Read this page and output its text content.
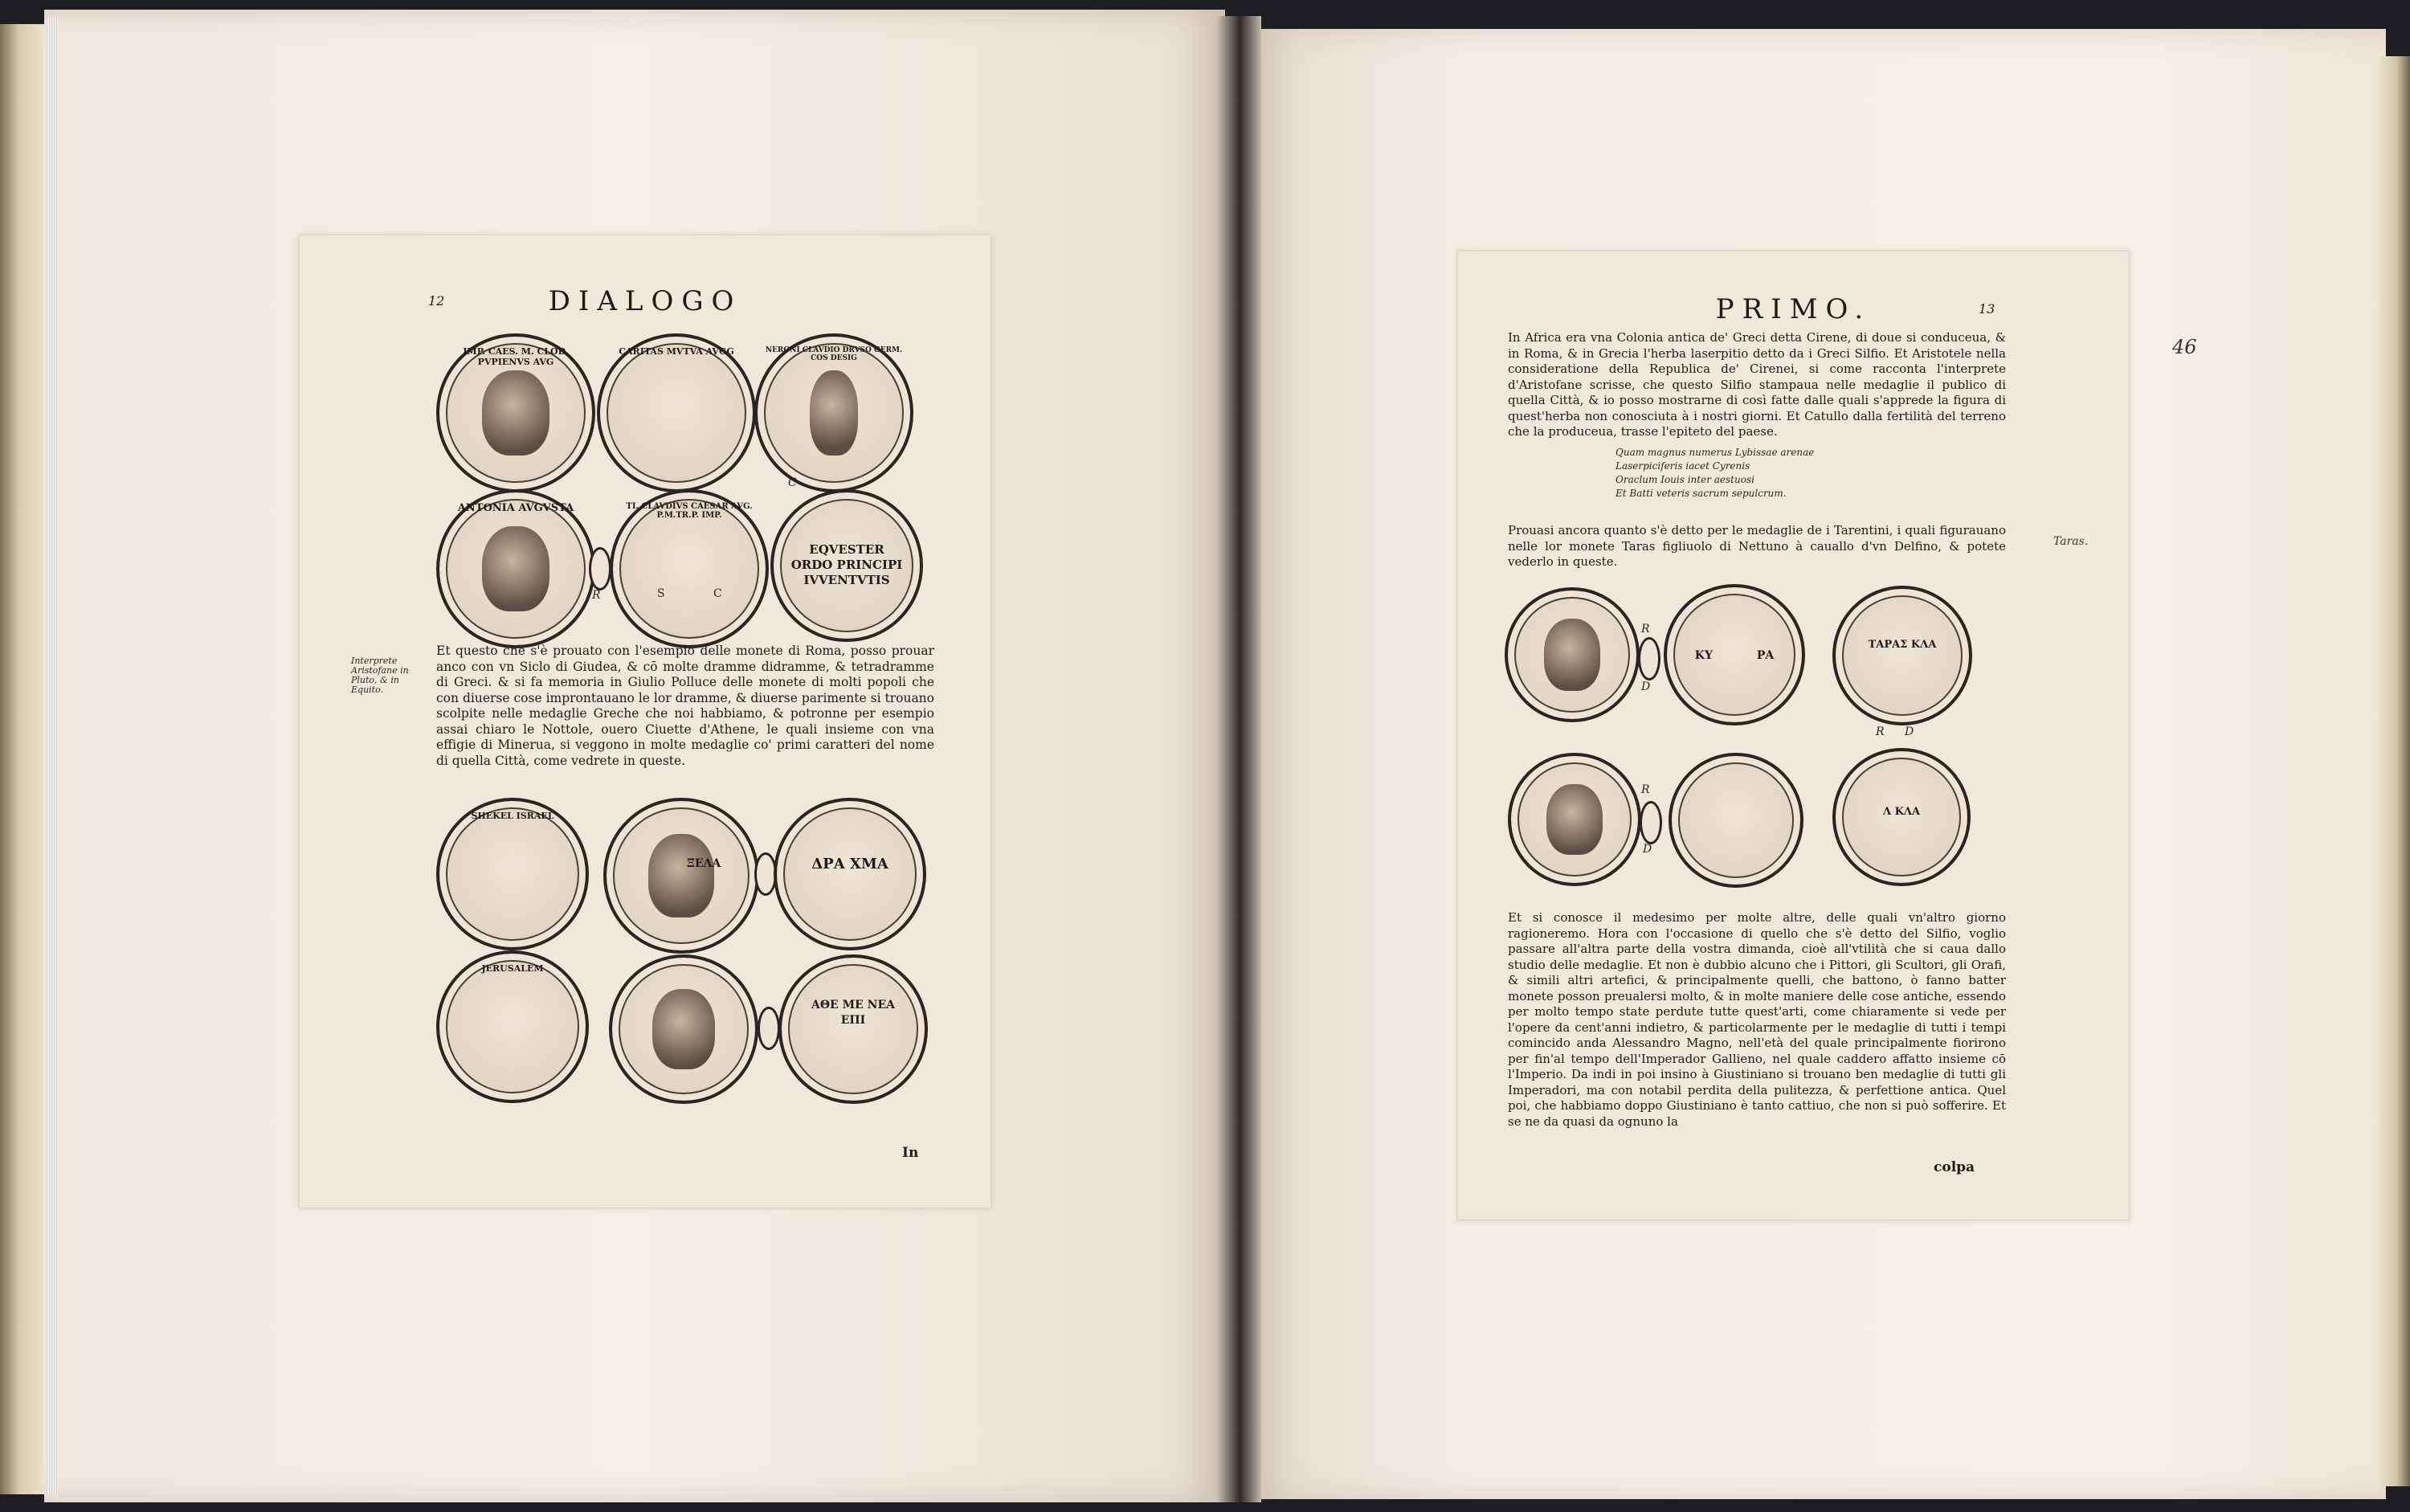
12	DIALOGO
IMP. CAES. M. CLOD. PVPIENVS AVG
CARITAS MVTVA AVGG	NERONI CLAVDIO DRVSO GERM. COS DESIG
C
ANTONIA AVGVSTA
R
TI. CLAVDIVS CAESAR AVG. P.M.TR.P. IMP.
S	C
EQVESTER ORDO PRINCIPI IVVENTVTIS
Interprete Aristofane in Pluto, & in Equito.

Et questo che s'è prouato con l'esempio delle monete di Roma, posso prouar anco con vn Siclo di Giudea, & cō molte dramme didramme, & tetradramme di Greci. & si fa memoria in Giulio Polluce delle monete di molti popoli che con diuerse cose improntauano le lor dramme, & diuerse parimente si trouano scolpite nelle medaglie Greche che noi habbiamo, & potronne per esempio assai chiaro le Nottole, ouero Ciuette d'Athene, le quali insieme con vna effigie di Minerua, si veggono in molte medaglie co' primi caratteri del nome di quella Città, come vedrete in queste.

SHEKEL ISRAEL
ΞΕΛΑ	ΔΡΑ ΧΜΑ
JERUSALEM
ΑΘΕ ΜΕ ΝΕΑ ΕΠΙ
In
PRIMO.	13

In Africa era vna Colonia antica de' Greci detta Cirene, di doue si conduceua, & in Roma, & in Grecia l'herba laserpitio detto da i Greci Silfio. Et Aristotele nella consideratione della Republica de' Cirenei, si come racconta l'interprete d'Aristofane scrisse, che questo Silfio stampaua nelle medaglie il publico di quella Città, & io posso mostrarne di così fatte dalle quali s'apprede la figura di quest'herba non conosciuta à i nostri giorni. Et Catullo dalla fertilità del terreno che la produceua, trasse l'epiteto del paese.

Quam magnus numerus Lybissae arenae
Laserpiciferis iacet Cyrenis
Oraclum Iouis inter aestuosi
Et Batti veteris sacrum sepulcrum.

Prouasi ancora quanto s'è detto per le medaglie de i Tarentini, i quali figurauano nelle lor monete Taras figliuolo di Nettuno à cauallo d'vn Delfino, & potete vederlo in queste.

R
D
ΚΥ ΡΑ
ΤΑΡΑΣ ΚΛΑ
R D
R
D
Λ ΚΛΑ

Et si conosce il medesimo per molte altre, delle quali vn'altro giorno ragioneremo. Hora con l'occasione di quello che s'è detto del Silfio, voglio passare all'altra parte della vostra dimanda, cioè all'vtilità che si caua dallo studio delle medaglie. Et non è dubbio alcuno che i Pittori, gli Scultori, gli Orafi, & simili altri artefici, & principalmente quelli, che battono, ò fanno batter monete posson preualersi molto, & in molte maniere delle cose antiche, essendo per molto tempo state perdute tutte quest'arti, come chiaramente si vede per l'opere da cent'anni indietro, & particolarmente per le medaglie di tutti i tempi comincido anda Alessandro Magno, nell'età del quale principalmente fiorirono per fin'al tempo dell'Imperador Gallieno, nel quale caddero affatto insieme cō l'Imperio. Da indi in poi insino à Giustiniano si trouano ben medaglie di tutti gli Imperadori, ma con notabil perdita della pulitezza, & perfettione antica. Quel poi, che habbiamo doppo Giustiniano è tanto cattiuo, che non si può sofferire. Et se ne da quasi da ognuno la

colpa
46
Taras.
